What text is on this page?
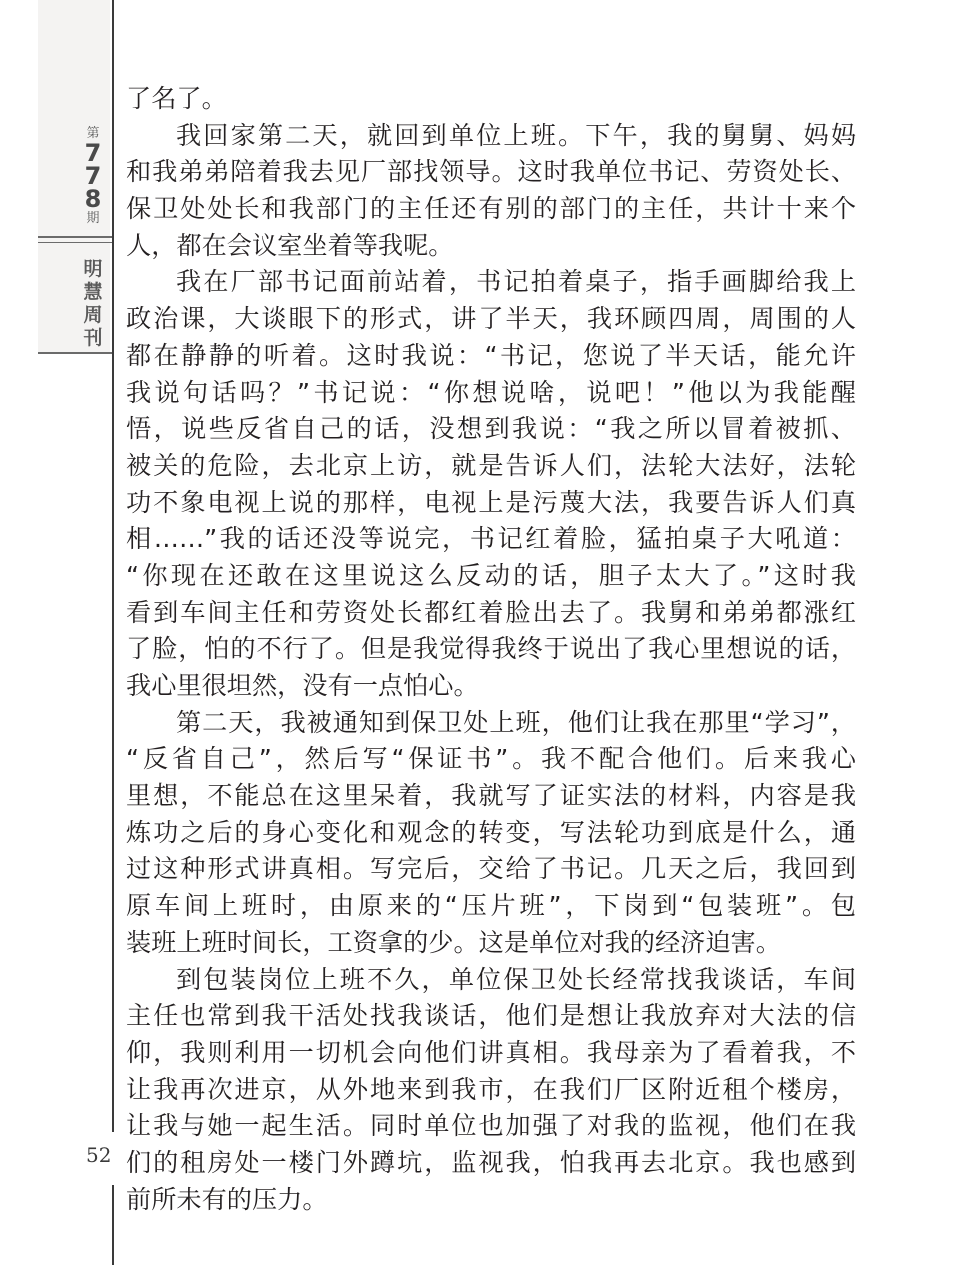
第
7
7
8
期
明
慧
周
刊
52
了名了。
我回家第二天，就回到单位上班。下午，我的舅舅、妈妈
和我弟弟陪着我去见厂部找领导。这时我单位书记、劳资处长、
保卫处处长和我部门的主任还有别的部门的主任，共计十来个
人，都在会议室坐着等我呢。
我在厂部书记面前站着，书记拍着桌子，指手画脚给我上
政治课，大谈眼下的形式，讲了半天，我环顾四周，周围的人
都在静静的听着。这时我说：“书记，您说了半天话，能允许
我说句话吗？”书记说：“你想说啥，说吧！”他以为我能醒
悟，说些反省自己的话，没想到我说：“我之所以冒着被抓、
被关的危险，去北京上访，就是告诉人们，法轮大法好，法轮
功不象电视上说的那样，电视上是污蔑大法，我要告诉人们真
相……”我的话还没等说完，书记红着脸，猛拍桌子大吼道：
“你现在还敢在这里说这么反动的话，胆子太大了。”这时我
看到车间主任和劳资处长都红着脸出去了。我舅和弟弟都涨红
了脸，怕的不行了。但是我觉得我终于说出了我心里想说的话，
我心里很坦然，没有一点怕心。
第二天，我被通知到保卫处上班，他们让我在那里“学习”，
“反省自己”，然后写“保证书”。我不配合他们。后来我心
里想，不能总在这里呆着，我就写了证实法的材料，内容是我
炼功之后的身心变化和观念的转变，写法轮功到底是什么，通
过这种形式讲真相。写完后，交给了书记。几天之后，我回到
原车间上班时，由原来的“压片班”，下岗到“包装班”。包
装班上班时间长，工资拿的少。这是单位对我的经济迫害。
到包装岗位上班不久，单位保卫处长经常找我谈话，车间
主任也常到我干活处找我谈话，他们是想让我放弃对大法的信
仰，我则利用一切机会向他们讲真相。我母亲为了看着我，不
让我再次进京，从外地来到我市，在我们厂区附近租个楼房，
让我与她一起生活。同时单位也加强了对我的监视，他们在我
们的租房处一楼门外蹲坑，监视我，怕我再去北京。我也感到
前所未有的压力。
